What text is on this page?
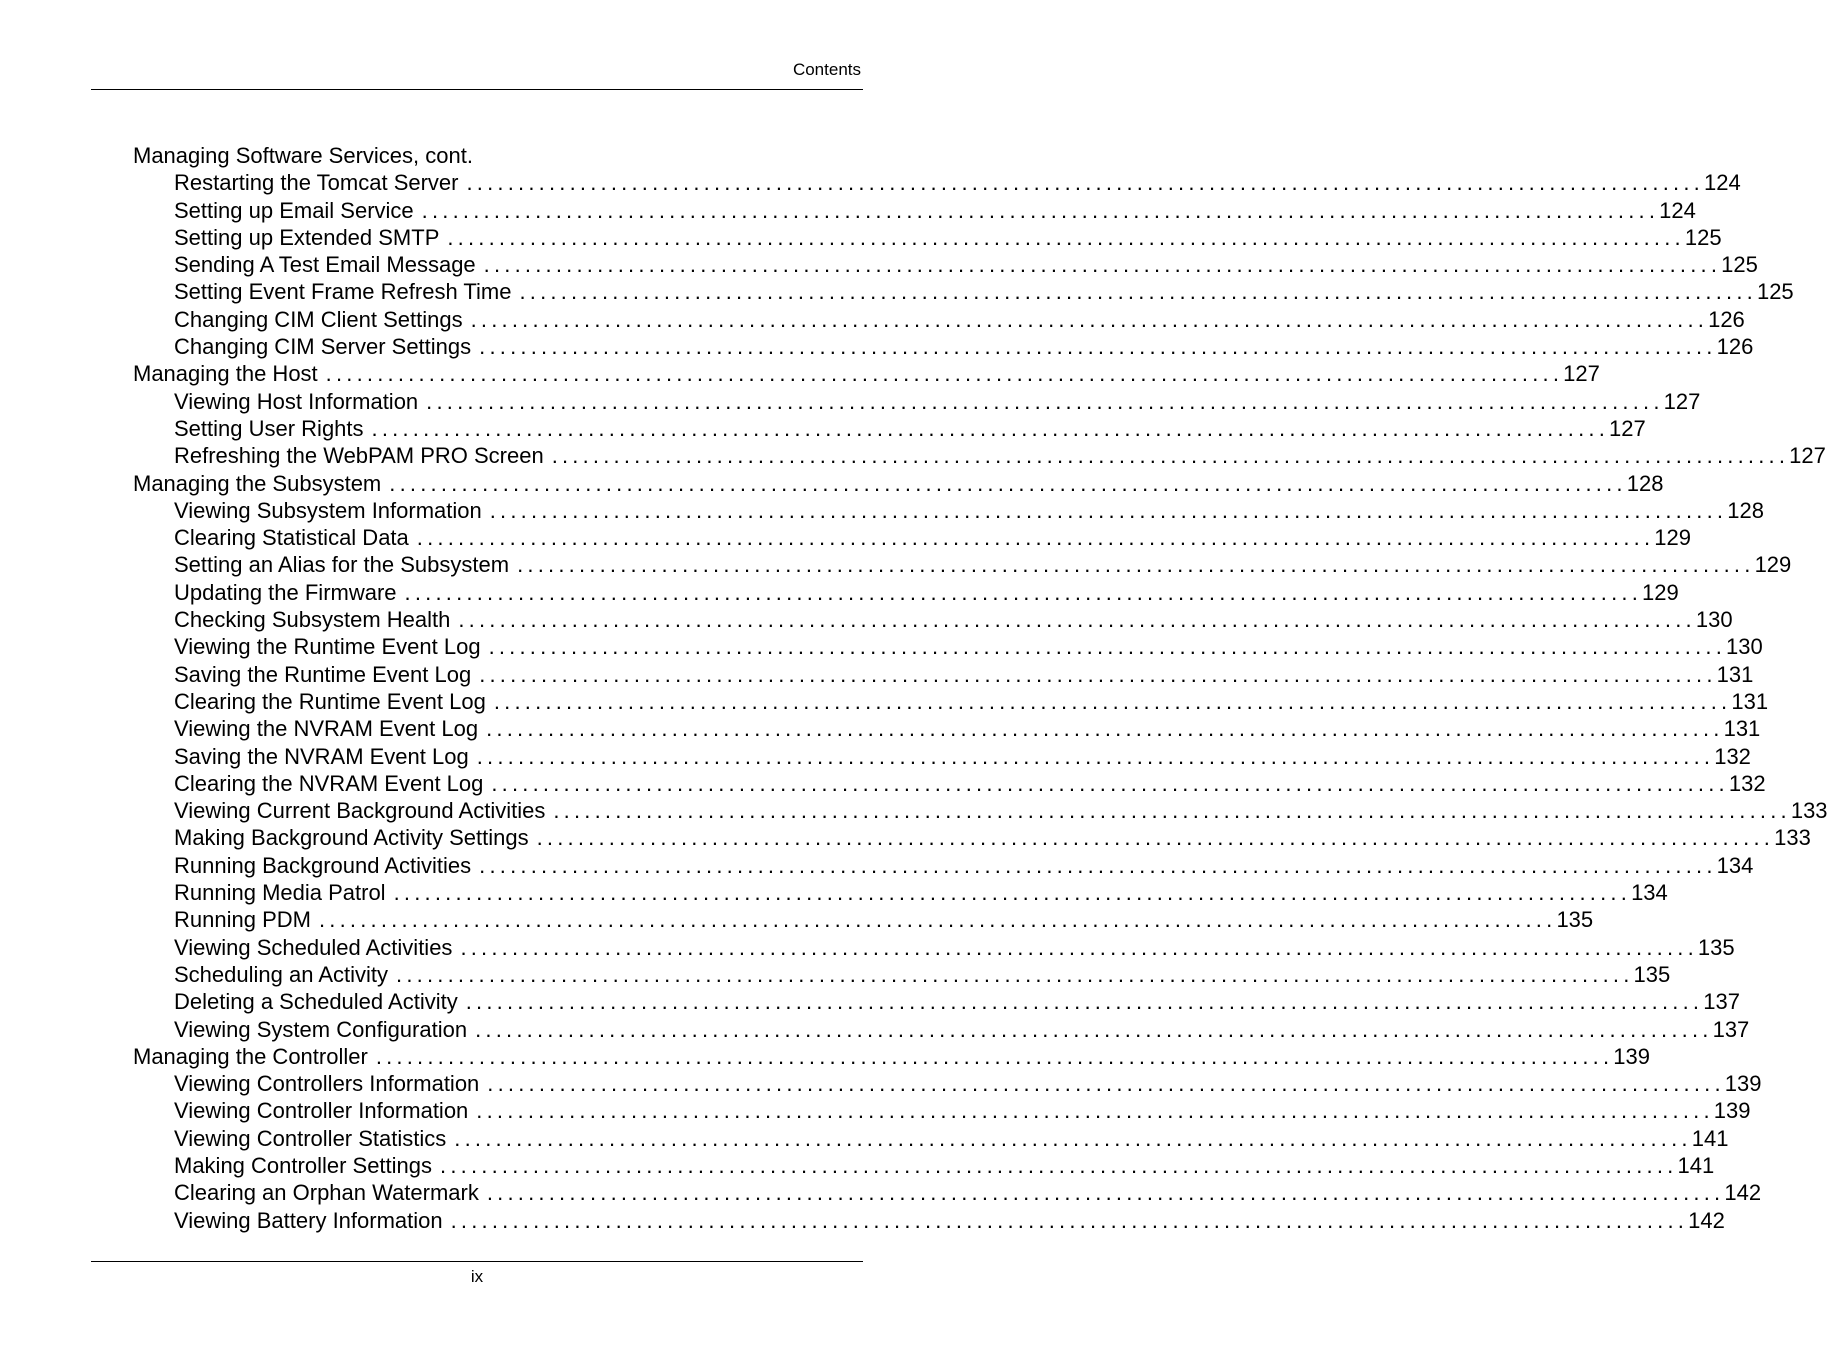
Contents
Managing Software Services, cont.
Restarting the Tomcat Server ........................................................................................................................ 124
Setting up Email Service ........................................................................................................................ 124
Setting up Extended SMTP ........................................................................................................................ 125
Sending A Test Email Message ........................................................................................................................ 125
Setting Event Frame Refresh Time ........................................................................................................................ 125
Changing CIM Client Settings ........................................................................................................................ 126
Changing CIM Server Settings ........................................................................................................................ 126
Managing the Host ........................................................................................................................ 127
Viewing Host Information ........................................................................................................................ 127
Setting User Rights ........................................................................................................................ 127
Refreshing the WebPAM PRO Screen ........................................................................................................................ 127
Managing the Subsystem ........................................................................................................................ 128
Viewing Subsystem Information ........................................................................................................................ 128
Clearing Statistical Data ........................................................................................................................ 129
Setting an Alias for the Subsystem ........................................................................................................................ 129
Updating the Firmware ........................................................................................................................ 129
Checking Subsystem Health ........................................................................................................................ 130
Viewing the Runtime Event Log ........................................................................................................................ 130
Saving the Runtime Event Log ........................................................................................................................ 131
Clearing the Runtime Event Log ........................................................................................................................ 131
Viewing the NVRAM Event Log ........................................................................................................................ 131
Saving the NVRAM Event Log ........................................................................................................................ 132
Clearing the NVRAM Event Log ........................................................................................................................ 132
Viewing Current Background Activities ........................................................................................................................ 133
Making Background Activity Settings ........................................................................................................................ 133
Running Background Activities ........................................................................................................................ 134
Running Media Patrol ........................................................................................................................ 134
Running PDM ........................................................................................................................ 135
Viewing Scheduled Activities ........................................................................................................................ 135
Scheduling an Activity ........................................................................................................................ 135
Deleting a Scheduled Activity ........................................................................................................................ 137
Viewing System Configuration ........................................................................................................................ 137
Managing the Controller ........................................................................................................................ 139
Viewing Controllers Information ........................................................................................................................ 139
Viewing Controller Information ........................................................................................................................ 139
Viewing Controller Statistics ........................................................................................................................ 141
Making Controller Settings ........................................................................................................................ 141
Clearing an Orphan Watermark ........................................................................................................................ 142
Viewing Battery Information ........................................................................................................................ 142
ix
